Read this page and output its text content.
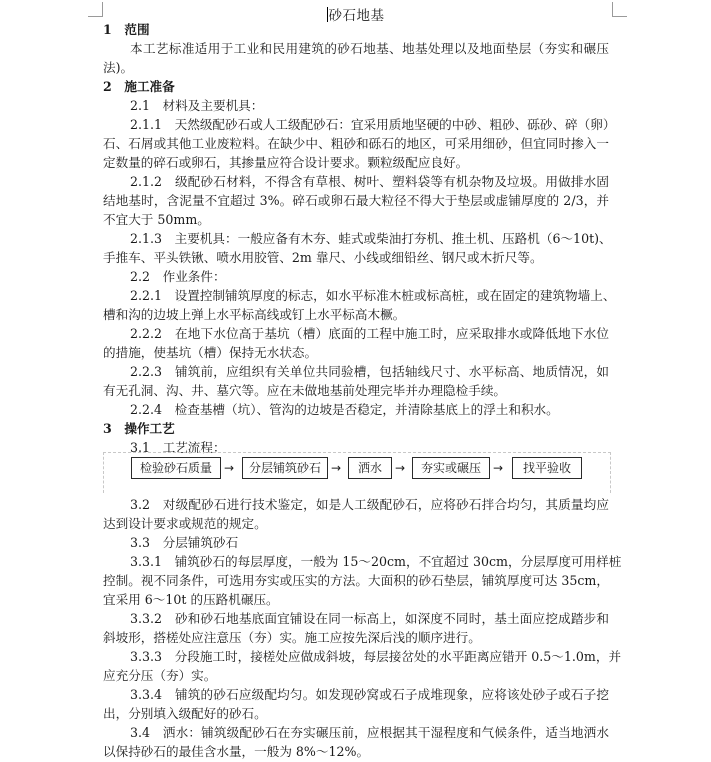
砂石地基
1　范围
本工艺标准适用于工业和民用建筑的砂石地基、地基处理以及地面垫层（夯实和碾压
法)。
2　施工准备
2.1　材料及主要机具：
2.1.1　天然级配砂石或人工级配砂石：宜采用质地坚硬的中砂、粗砂、砾砂、碎（卵）
石、石屑或其他工业废粒料。在缺少中、粗砂和砾石的地区，可采用细砂，但宜同时掺入一
定数量的碎石或卵石，其掺量应符合设计要求。颗粒级配应良好。
2.1.2　级配砂石材料，不得含有草根、树叶、塑料袋等有机杂物及垃圾。用做排水固
结地基时，含泥量不宜超过 3%。碎石或卵石最大粒径不得大于垫层或虚铺厚度的 2/3，并
不宜大于 50mm。
2.1.3　主要机具：一般应备有木夯、蛙式或柴油打夯机、推土机、压路机（6～10t)、
手推车、平头铁锹、喷水用胶管、2m 靠尺、小线或细铅丝、钢尺或木折尺等。
2.2　作业条件：
2.2.1　设置控制铺筑厚度的标志，如水平标准木桩或标高桩，或在固定的建筑物墙上、
槽和沟的边坡上弹上水平标高线或钉上水平标高木橛。
2.2.2　在地下水位高于基坑（槽）底面的工程中施工时，应采取排水或降低地下水位
的措施，使基坑（槽）保持无水状态。
2.2.3　铺筑前，应组织有关单位共同验槽，包括轴线尺寸、水平标高、地质情况，如
有无孔洞、沟、井、墓穴等。应在未做地基前处理完毕并办理隐检手续。
2.2.4　检查基槽（坑）、管沟的边坡是否稳定，并清除基底上的浮土和积水。
3　操作工艺
3.1　工艺流程：
检验砂石质量	→	分层铺筑砂石 →	洒水	→	夯实或碾压	→	找平验收
3.2　对级配砂石进行技术鉴定，如是人工级配砂石，应将砂石拌合均匀，其质量均应
达到设计要求或规范的规定。
3.3　分层铺筑砂石
3.3.1　铺筑砂石的每层厚度，一般为 15～20cm，不宜超过 30cm，分层厚度可用样桩
控制。视不同条件，可选用夯实或压实的方法。大面积的砂石垫层，铺筑厚度可达 35cm，
宜采用 6～10t 的压路机碾压。
3.3.2　砂和砂石地基底面宜铺设在同一标高上，如深度不同时，基土面应挖成踏步和
斜坡形，搭槎处应注意压（夯）实。施工应按先深后浅的顺序进行。
3.3.3　分段施工时，接槎处应做成斜坡，每层接岔处的水平距离应错开 0.5～1.0m，并
应充分压（夯）实。
3.3.4　铺筑的砂石应级配均匀。如发现砂窝或石子成堆现象，应将该处砂子或石子挖
出，分别填入级配好的砂石。
3.4　洒水：铺筑级配砂石在夯实碾压前，应根据其干湿程度和气候条件，适当地洒水
以保持砂石的最佳含水量，一般为 8%～12%。
